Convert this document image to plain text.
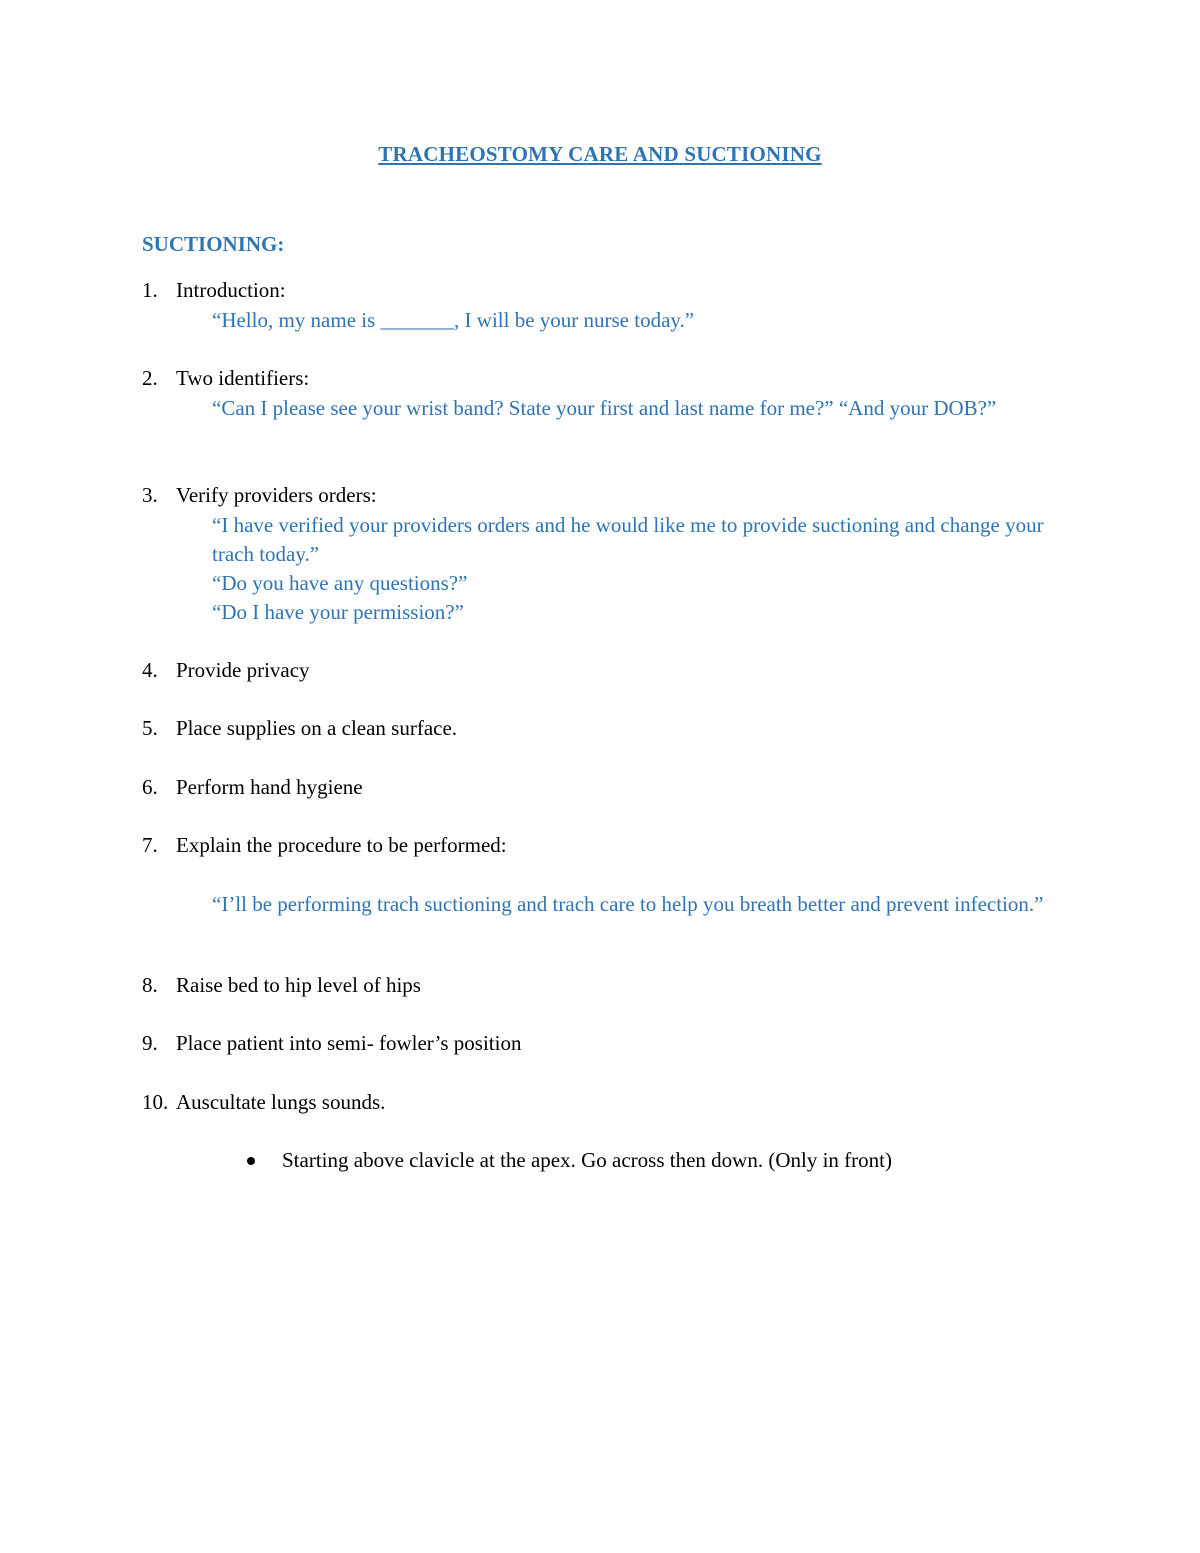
TRACHEOSTOMY CARE AND SUCTIONING
SUCTIONING:
1. Introduction:
“Hello, my name is _______, I will be your nurse today.”
2. Two identifiers:
“Can I please see your wrist band? State your first and last name for me?” “And your DOB?”
3. Verify providers orders:
“I have verified your providers orders and he would like me to provide suctioning and change your trach today.”
“Do you have any questions?”
“Do I have your permission?”
4. Provide privacy
5. Place supplies on a clean surface.
6. Perform hand hygiene
7. Explain the procedure to be performed:
“I’ll be performing trach suctioning and trach care to help you breath better and prevent infection.”
8. Raise bed to hip level of hips
9. Place patient into semi- fowler’s position
10. Auscultate lungs sounds.
Starting above clavicle at the apex. Go across then down. (Only in front)
